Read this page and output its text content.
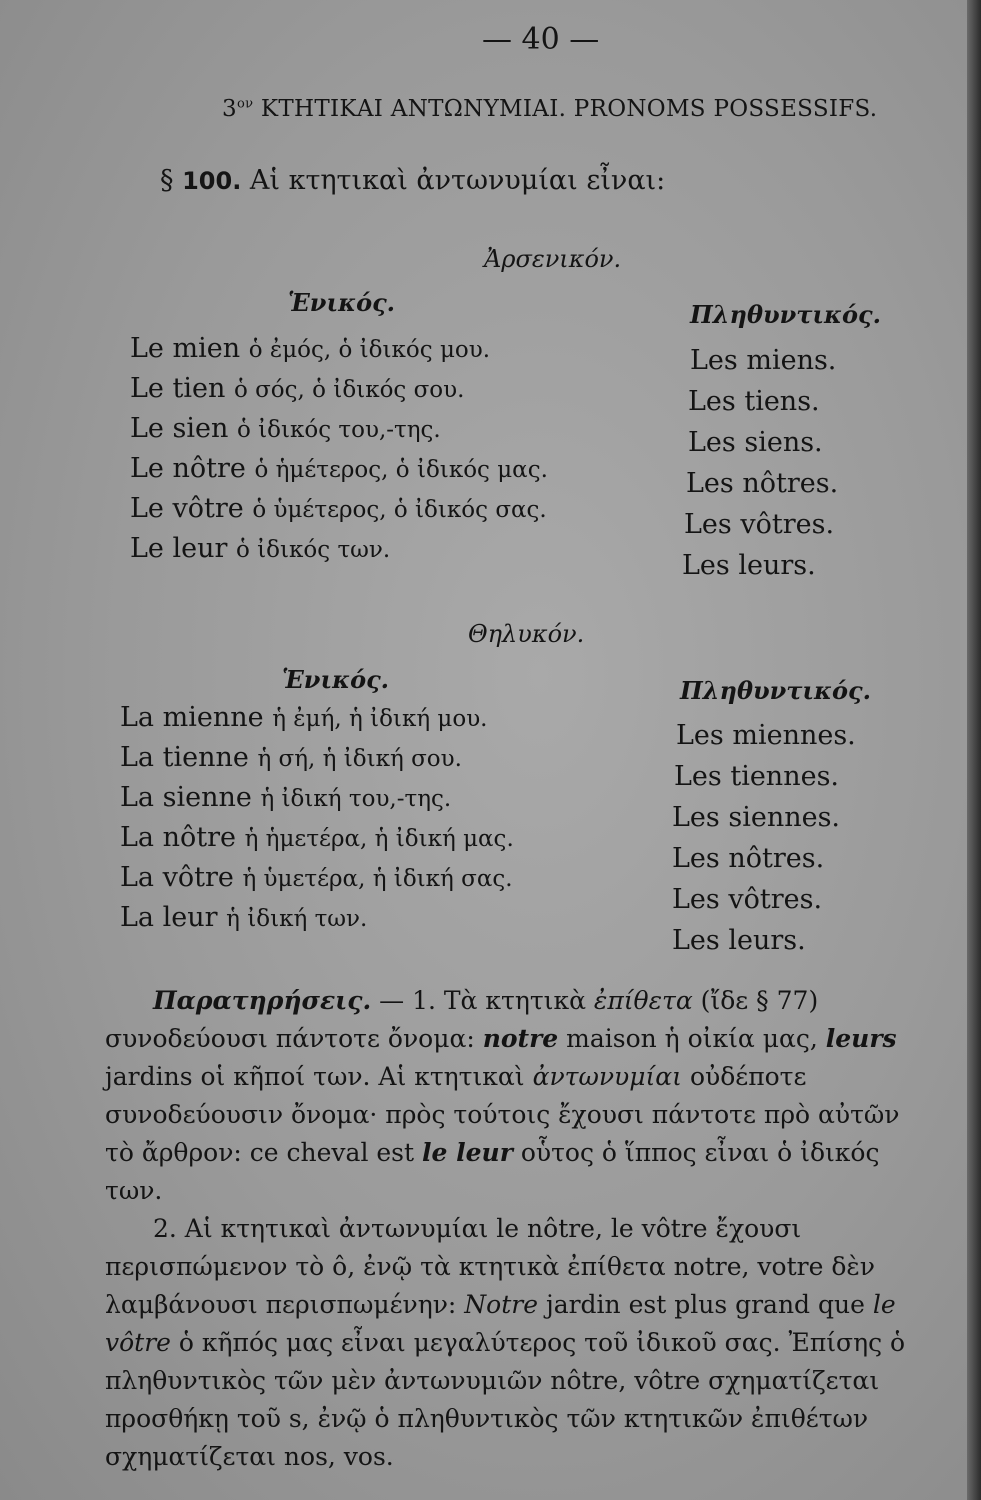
— 40 —
$3^{o\nu}$ ΚΤΗΤΙΚΑΙ ΑΝΤΩΝΥΜΙΑΙ. PRONOMS POSSESSIFS.
§ 100. Αἱ κτητικαὶ ἀντωνυμίαι εἶναι:
Ἀρσενικόν.
Ἑνικός.	Πληθυντικός.
Le mien ὁ ἐμός, ὁ ἰδικός μου.
Le tien ὁ σός, ὁ ἰδικός σου.
Le sien ὁ ἰδικός του,-της.
Le nôtre ὁ ἡμέτερος, ὁ ἰδικός μας.
Le vôtre ὁ ὑμέτερος, ὁ ἰδικός σας.
Le leur ὁ ἰδικός των.
Les miens.
Les tiens.
Les siens.
Les nôtres.
Les vôtres.
Les leurs.
Θηλυκόν.
Ἑνικός.	Πληθυντικός.
La mienne ἡ ἐμή, ἡ ἰδική μου.
La tienne ἡ σή, ἡ ἰδική σου.
La sienne ἡ ἰδική του,-της.
La nôtre ἡ ἡμετέρα, ἡ ἰδική μας.
La vôtre ἡ ὑμετέρα, ἡ ἰδική σας.
La leur ἡ ἰδική των.
Les miennes.
Les tiennes.
Les siennes.
Les nôtres.
Les vôtres.
Les leurs.

Παρατηρήσεις. — 1. Τὰ κτητικὰ ἐπίθετα (ἴδε § 77) συνοδεύουσι πάντοτε ὄνομα: notre maison ἡ οἰκία μας, leurs jardins οἱ κῆποί των. Αἱ κτητικαὶ ἀντωνυμίαι οὐδέποτε συνοδεύουσιν ὄνομα· πρὸς τούτοις ἔχουσι πάντοτε πρὸ αὐτῶν τὸ ἄρθρον: ce cheval est le leur οὗτος ὁ ἵππος εἶναι ὁ ἰδικός των.

2. Αἱ κτητικαὶ ἀντωνυμίαι le nôtre, le vôtre ἔχουσι περισπώμενον τὸ ô, ἐνῷ τὰ κτητικὰ ἐπίθετα notre, votre δὲν λαμβάνουσι περισπωμένην: Notre jardin est plus grand que le vôtre ὁ κῆπός μας εἶναι μεγαλύτερος τοῦ ἰδικοῦ σας. Ἐπίσης ὁ πληθυντικὸς τῶν μὲν ἀντωνυμιῶν nôtre, vôtre σχηματίζεται προσθήκῃ τοῦ s, ἐνῷ ὁ πληθυντικὸς τῶν κτητικῶν ἐπιθέτων σχηματίζεται nos, vos.
